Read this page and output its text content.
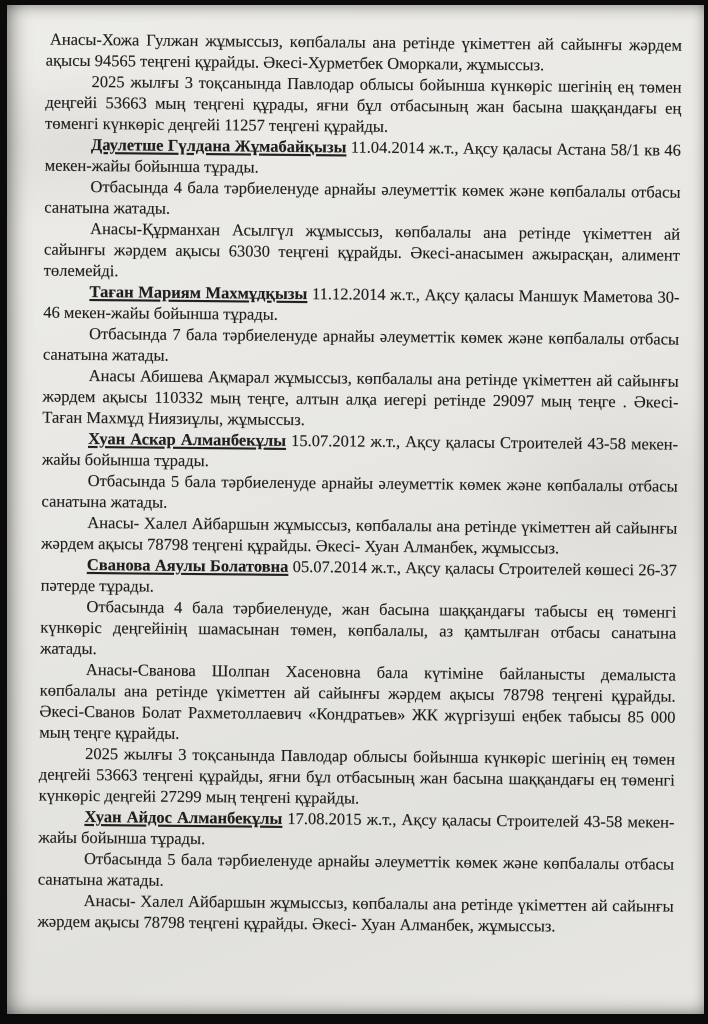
Анасы-Хожа Гулжан жұмыссыз, көпбалалы ана ретінде үкіметтен ай сайынғы жәрдем ақысы 94565 теңгені құрайды. Әкесі-Хурметбек Оморкали, жұмыссыз.

2025 жылғы 3 тоқсанында Павлодар облысы бойынша күнкөріс шегінің ең төмен деңгейі 53663 мың теңгені құрады, яғни бұл отбасының жан басына шаққандағы ең төменгі күнкөріс деңгейі 11257 теңгені құрайды.

Даулетше Гүлдана Жұмабайқызы 11.04.2014 ж.т., Ақсу қаласы Астана 58/1 кв 46 мекен-жайы бойынша тұрады.

Отбасында 4 бала тәрбиеленуде арнайы әлеуметтік көмек және көпбалалы отбасы санатына жатады.

Анасы-Құрманхан Асылгүл жұмыссыз, көпбалалы ана ретінде үкіметтен ай сайынғы жәрдем ақысы 63030 теңгені құрайды. Әкесі-анасымен ажырасқан, алимент төлемейді.

Таған Мариям Махмұдқызы 11.12.2014 ж.т., Ақсу қаласы Маншук Маметова 30-46 мекен-жайы бойынша тұрады.

Отбасында 7 бала тәрбиеленуде арнайы әлеуметтік көмек және көпбалалы отбасы санатына жатады.

Анасы Абишева Ақмарал жұмыссыз, көпбалалы ана ретінде үкіметтен ай сайынғы жәрдем ақысы 110332 мың теңге, алтын алқа иегері ретінде 29097 мың теңге . Әкесі- Таған Махмұд Ниязиұлы, жұмыссыз.

Хуан Аскар Алманбекұлы 15.07.2012 ж.т., Ақсу қаласы Строителей 43-58 мекен-жайы бойынша тұрады.

Отбасында 5 бала тәрбиеленуде арнайы әлеуметтік көмек және көпбалалы отбасы санатына жатады.

Анасы- Халел Айбаршын жұмыссыз, көпбалалы ана ретінде үкіметтен ай сайынғы жәрдем ақысы 78798 теңгені құрайды. Әкесі- Хуан Алманбек, жұмыссыз.

Сванова Аяулы Болатовна 05.07.2014 ж.т., Ақсу қаласы Строителей көшесі 26-37 пәтерде тұрады.

Отбасында 4 бала тәрбиеленуде, жан басына шаққандағы табысы ең төменгі күнкөріс деңгейінің шамасынан төмен, көпбалалы, аз қамтылған отбасы санатына жатады.

Анасы-Сванова Шолпан Хасеновна бала күтіміне байланысты демалыста көпбалалы ана ретінде үкіметтен ай сайынғы жәрдем ақысы 78798 теңгені құрайды. Әкесі-Сванов Болат Рахметоллаевич «Кондратьев» ЖК жүргізуші еңбек табысы 85 000 мың теңге құрайды.

2025 жылғы 3 тоқсанында Павлодар облысы бойынша күнкөріс шегінің ең төмен деңгейі 53663 теңгені құрайды, яғни бұл отбасының жан басына шаққандағы ең төменгі күнкөріс деңгейі 27299 мың теңгені құрайды.

Хуан Айдос Алманбекұлы 17.08.2015 ж.т., Ақсу қаласы Строителей 43-58 мекен-жайы бойынша тұрады.

Отбасында 5 бала тәрбиеленуде арнайы әлеуметтік көмек және көпбалалы отбасы санатына жатады.

Анасы- Халел Айбаршын жұмыссыз, көпбалалы ана ретінде үкіметтен ай сайынғы жәрдем ақысы 78798 теңгені құрайды. Әкесі- Хуан Алманбек, жұмыссыз.
